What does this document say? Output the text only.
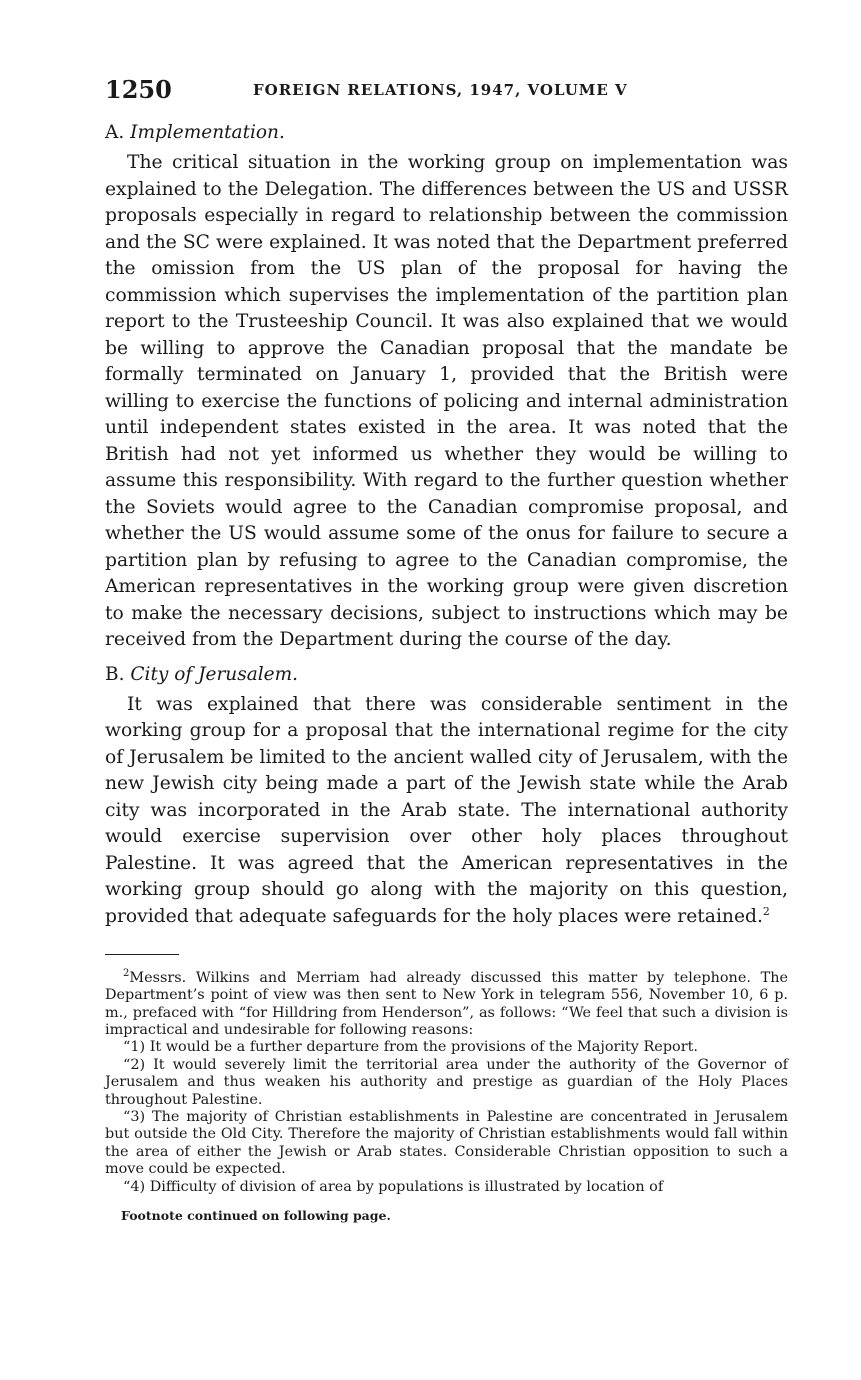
1250	FOREIGN RELATIONS, 1947, VOLUME V
A. Implementation.

The critical situation in the working group on implementation was explained to the Delegation. The differences between the US and USSR proposals especially in regard to relationship between the commission and the SC were explained. It was noted that the Department preferred the omission from the US plan of the proposal for having the commission which supervises the implementation of the partition plan report to the Trusteeship Council. It was also explained that we would be willing to approve the Canadian proposal that the mandate be formally terminated on January 1, provided that the British were willing to exercise the functions of policing and internal administration until independent states existed in the area. It was noted that the British had not yet informed us whether they would be willing to assume this responsibility. With regard to the further question whether the Soviets would agree to the Canadian compromise proposal, and whether the US would assume some of the onus for failure to secure a partition plan by refusing to agree to the Canadian compromise, the American representatives in the working group were given discretion to make the necessary decisions, subject to instructions which may be received from the Department during the course of the day.

B. City of Jerusalem.

It was explained that there was considerable sentiment in the working group for a proposal that the international regime for the city of Jerusalem be limited to the ancient walled city of Jerusalem, with the new Jewish city being made a part of the Jewish state while the Arab city was incorporated in the Arab state. The international authority would exercise supervision over other holy places throughout Palestine. It was agreed that the American representatives in the working group should go along with the majority on this question, provided that adequate safeguards for the holy places were retained.$^2$

$^2$Messrs. Wilkins and Merriam had already discussed this matter by telephone. The Department’s point of view was then sent to New York in telegram 556, November 10, 6 p. m., prefaced with “for Hilldring from Henderson”, as follows: “We feel that such a division is impractical and undesirable for following reasons:

“1) It would be a further departure from the provisions of the Majority Report.

“2) It would severely limit the territorial area under the authority of the Governor of Jerusalem and thus weaken his authority and prestige as guardian of the Holy Places throughout Palestine.

“3) The majority of Christian establishments in Palestine are concentrated in Jerusalem but outside the Old City. Therefore the majority of Christian establishments would fall within the area of either the Jewish or Arab states. Considerable Christian opposition to such a move could be expected.

“4) Difficulty of division of area by populations is illustrated by location of

Footnote continued on following page.
